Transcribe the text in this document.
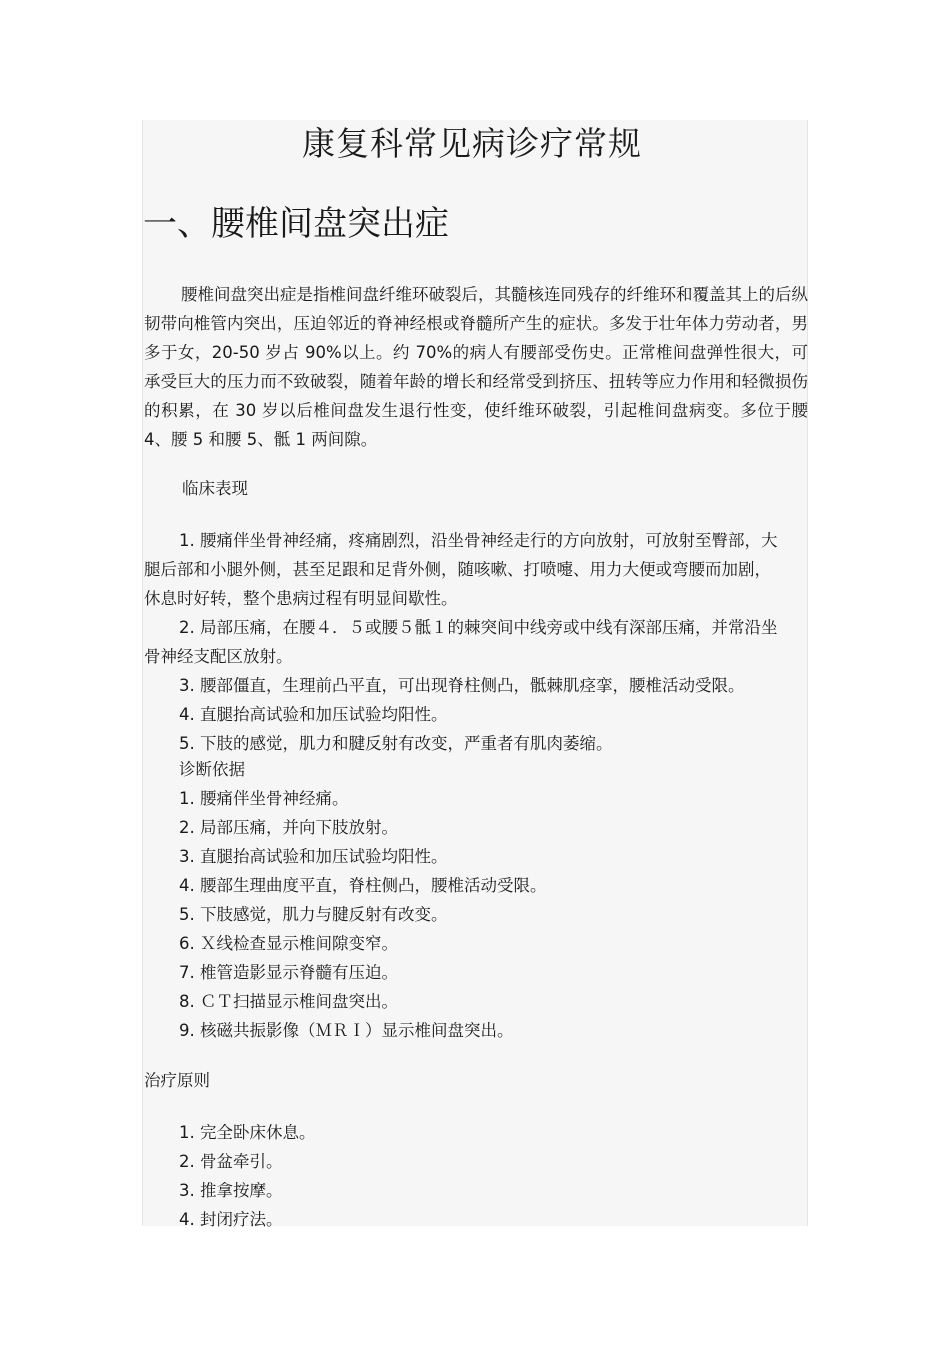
康复科常见病诊疗常规
一、腰椎间盘突出症

腰椎间盘突出症是指椎间盘纤维环破裂后，其髓核连同残存的纤维环和覆盖其上的后纵韧带向椎管内突出，压迫邻近的脊神经根或脊髓所产生的症状。多发于壮年体力劳动者，男多于女，20-50 岁占 90%以上。约 70%的病人有腰部受伤史。正常椎间盘弹性很大，可承受巨大的压力而不致破裂，随着年龄的增长和经常受到挤压、扭转等应力作用和轻微损伤的积累，在 30 岁以后椎间盘发生退行性变，使纤维环破裂，引起椎间盘病变。多位于腰 4、腰 5 和腰 5、骶 1 两间隙。

临床表现

1. 腰痛伴坐骨神经痛，疼痛剧烈，沿坐骨神经走行的方向放射，可放射至臀部，大腿后部和小腿外侧，甚至足跟和足背外侧，随咳嗽、打喷嚏、用力大便或弯腰而加剧，休息时好转，整个患病过程有明显间歇性。
2. 局部压痛，在腰４．５或腰５骶１的棘突间中线旁或中线有深部压痛，并常沿坐骨神经支配区放射。
3. 腰部僵直，生理前凸平直，可出现脊柱侧凸，骶棘肌痉挛，腰椎活动受限。
4. 直腿抬高试验和加压试验均阳性。
5. 下肢的感觉，肌力和腱反射有改变，严重者有肌肉萎缩。

诊断依据

1. 腰痛伴坐骨神经痛。
2. 局部压痛，并向下肢放射。
3. 直腿抬高试验和加压试验均阳性。
4. 腰部生理曲度平直，脊柱侧凸，腰椎活动受限。
5. 下肢感觉，肌力与腱反射有改变。
6. Ｘ线检查显示椎间隙变窄。
7. 椎管造影显示脊髓有压迫。
8. ＣＴ扫描显示椎间盘突出。
9. 核磁共振影像（ＭＲＩ）显示椎间盘突出。

治疗原则

1. 完全卧床休息。
2. 骨盆牵引。
3. 推拿按摩。
4. 封闭疗法。
